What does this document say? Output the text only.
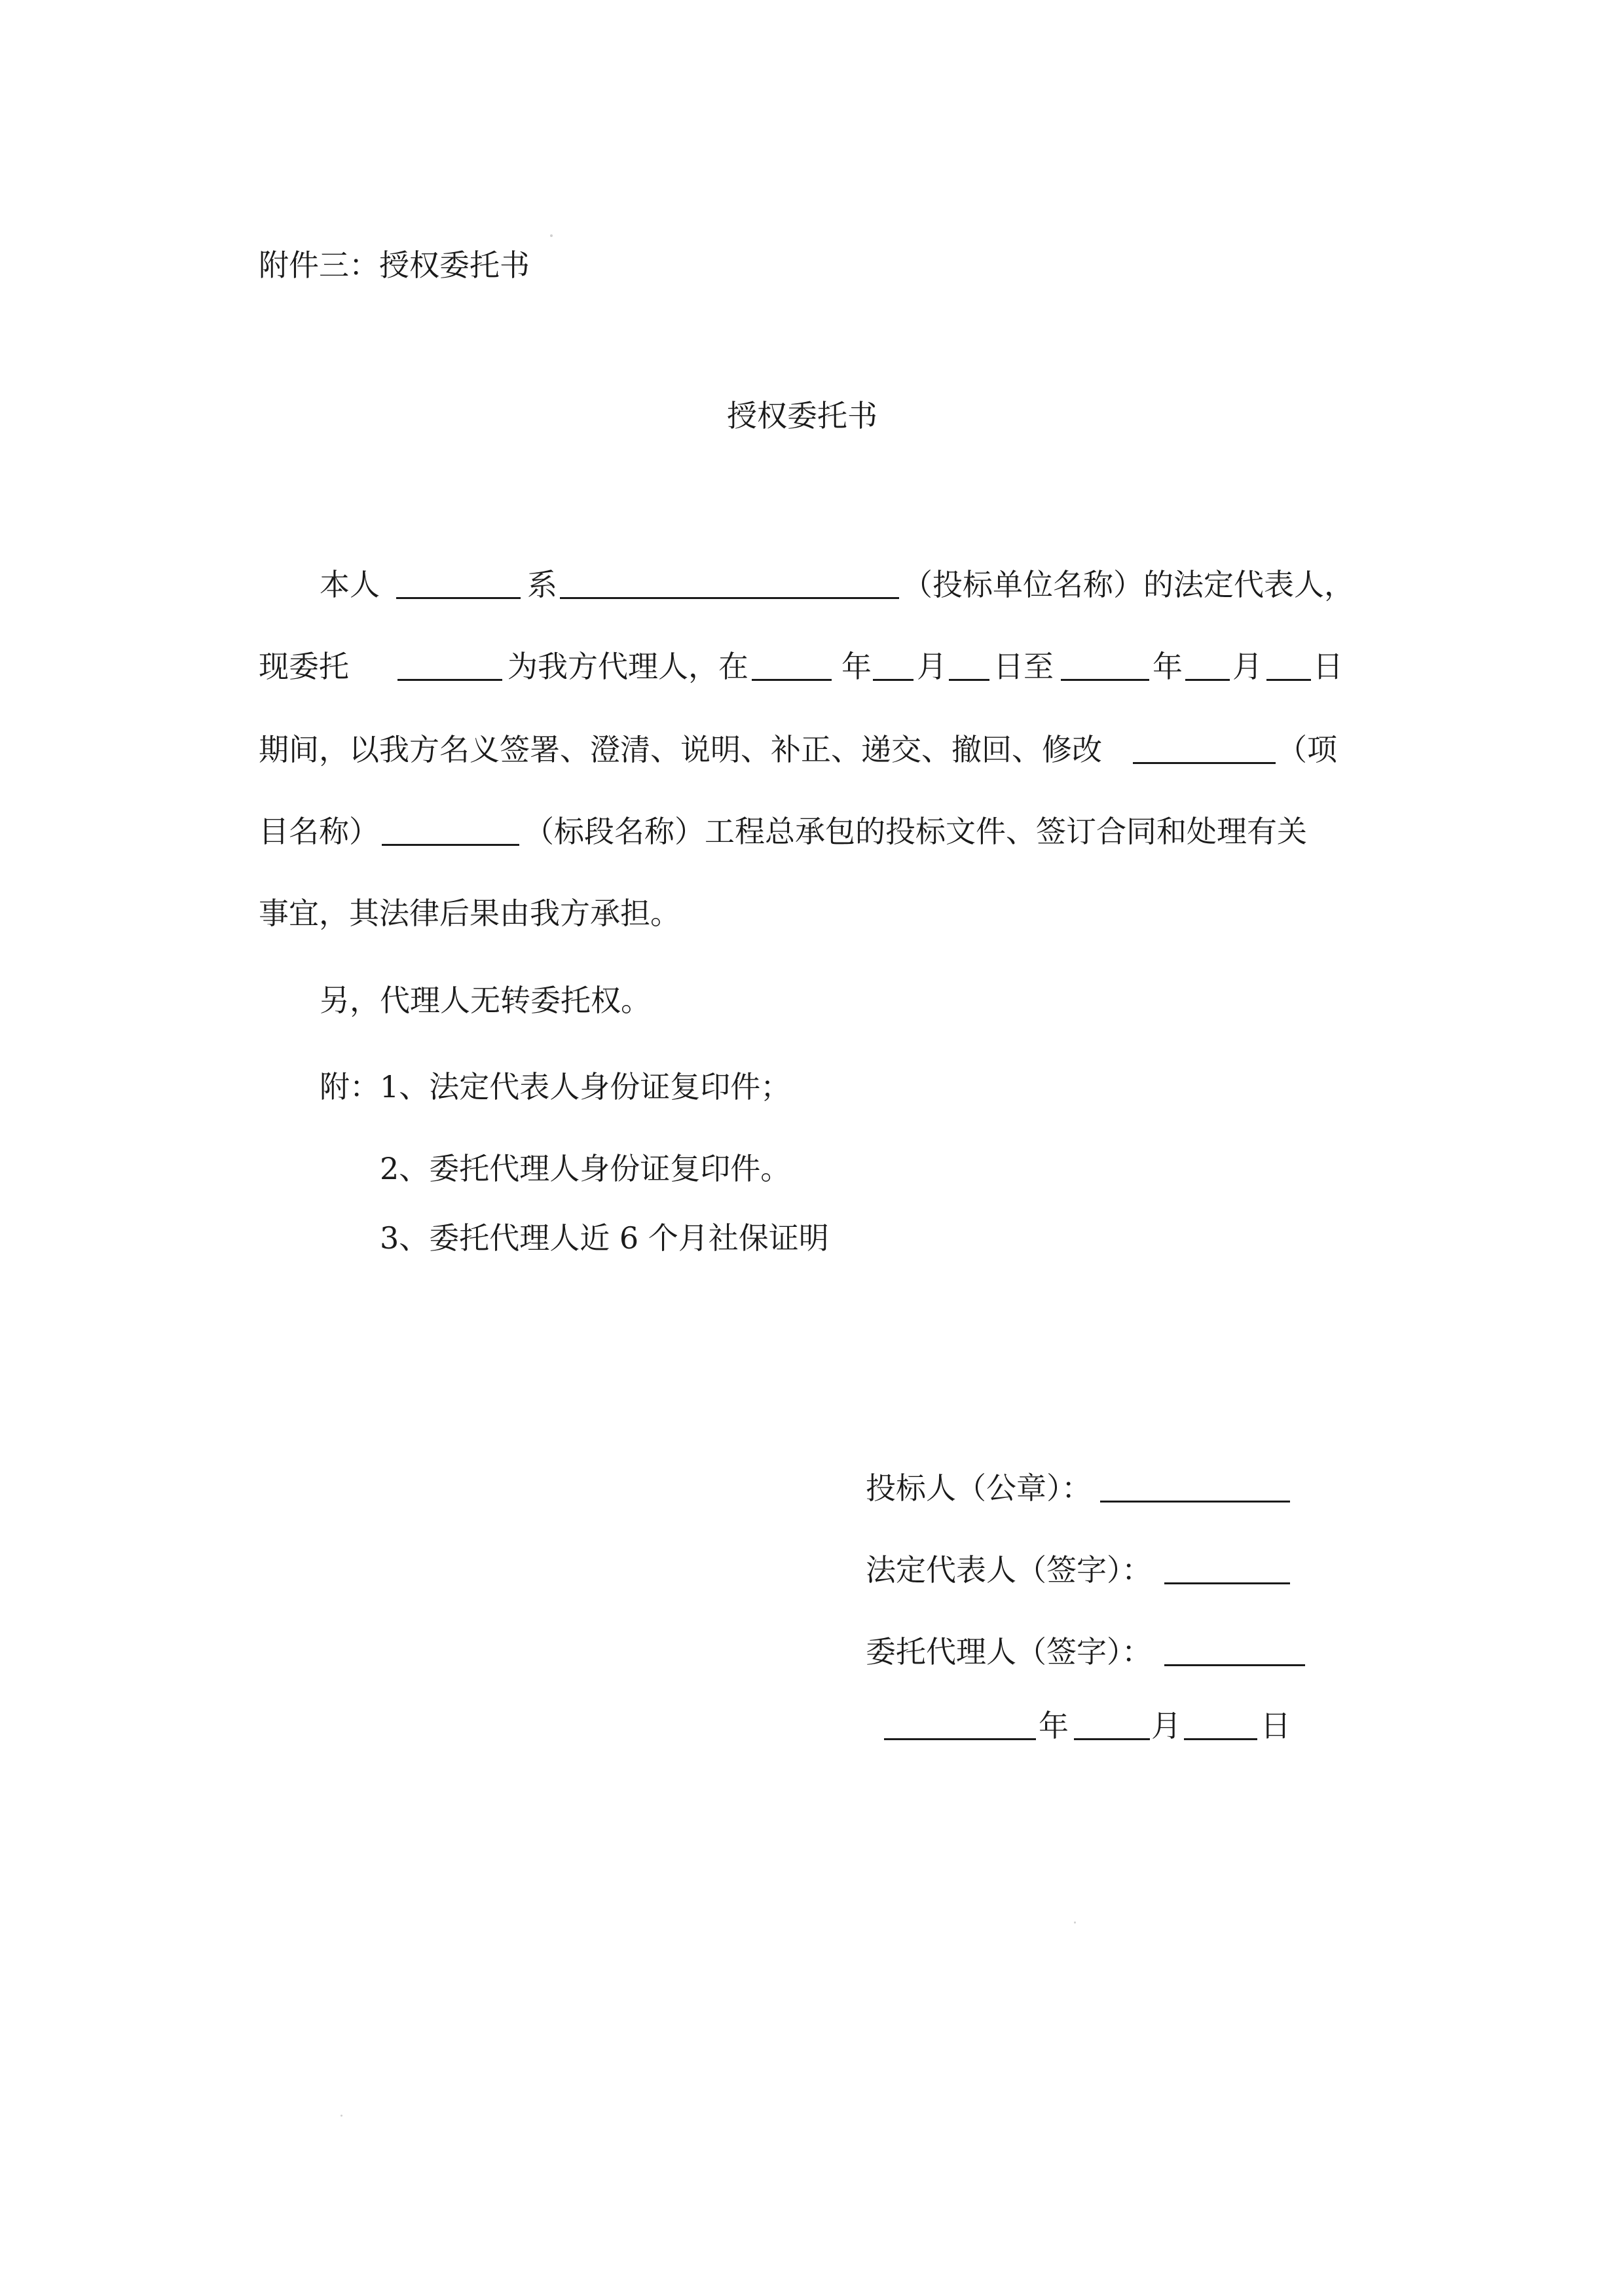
附件三：授权委托书
授权委托书
本人	系	（投标单位名称）的法定代表人，
现委托	为我方代理人，在	年 月 日至	年 月 日
期间，以我方名义签署、澄清、说明、补正、递交、撤回、修改	（项
目名称）	（标段名称）工程总承包的投标文件、签订合同和处理有关
事宜，其法律后果由我方承担。
另，代理人无转委托权。
附： 1、法定代表人身份证复印件；
2、委托代理人身份证复印件。
3、委托代理人近 6 个月社保证明
投标人（公章）：
法定代表人（签字）：
委托代理人（签字）：
年	月	日
